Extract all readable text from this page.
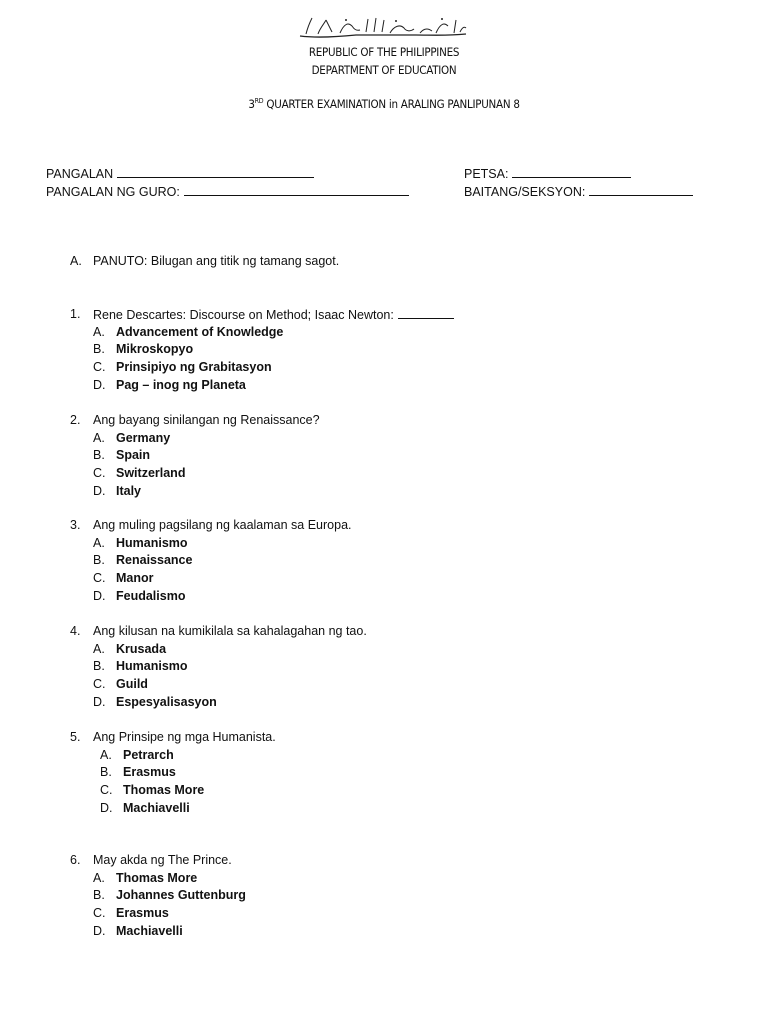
REPUBLIC OF THE PHILIPPINES
DEPARTMENT OF EDUCATION
3RD QUARTER EXAMINATION in ARALING PANLIPUNAN 8
PANGALAN	PETSA:
PANGALAN NG GURO:	BAITANG/SEKSYON:
A. PANUTO: Bilugan ang titik ng tamang sagot.
1. Rene Descartes: Discourse on Method; Isaac Newton:
A. Advancement of Knowledge
B. Mikroskopyo
C. Prinsipiyo ng Grabitasyon
D. Pag – inog ng Planeta
2. Ang bayang sinilangan ng Renaissance?
A. Germany
B. Spain
C. Switzerland
D. Italy
3. Ang muling pagsilang ng kaalaman sa Europa.
A. Humanismo
B. Renaissance
C. Manor
D. Feudalismo
4. Ang kilusan na kumikilala sa kahalagahan ng tao.
A. Krusada
B. Humanismo
C. Guild
D. Espesyalisasyon
5. Ang Prinsipe ng mga Humanista.
A. Petrarch
B. Erasmus
C. Thomas More
D. Machiavelli
6. May akda ng The Prince.
A. Thomas More
B. Johannes Guttenburg
C. Erasmus
D. Machiavelli
